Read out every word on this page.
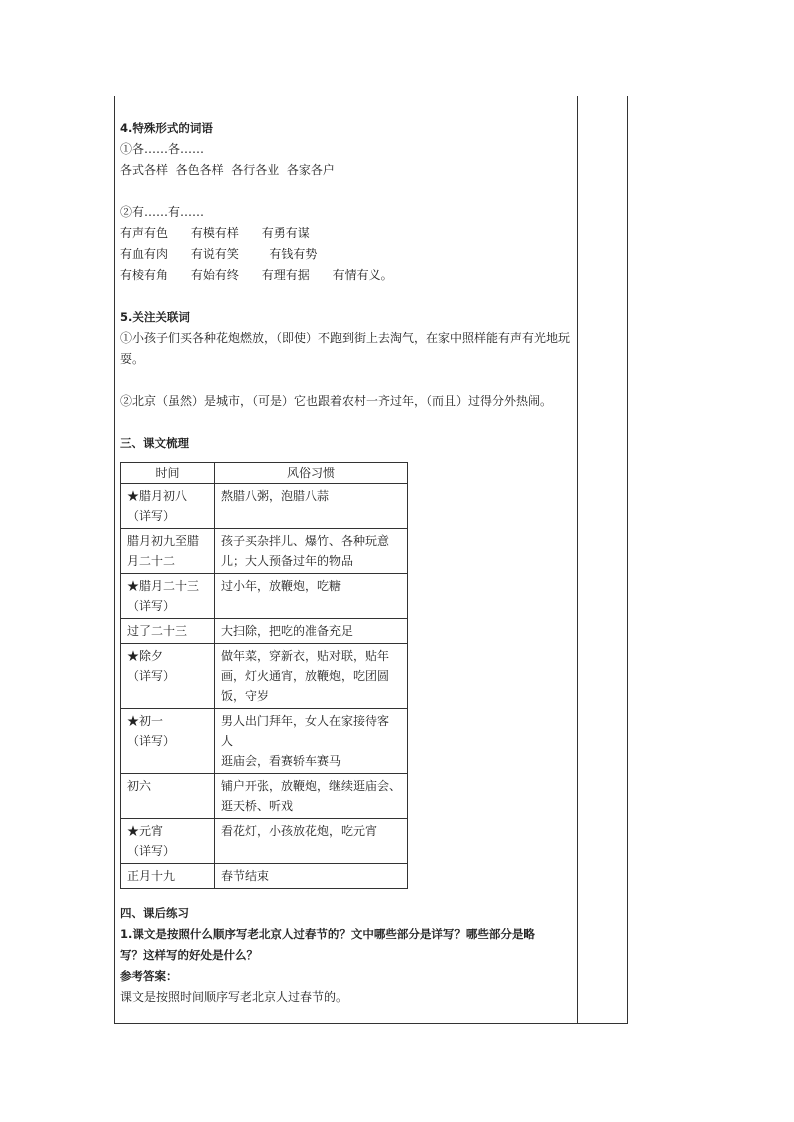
4.特殊形式的词语

①各……各……

各式各样  各色各样  各行各业  各家各户

②有……有……

有声有色      有模有样      有勇有谋

有血有肉      有说有笑        有钱有势

有棱有角      有始有终      有理有据      有情有义。

5.关注关联词

①小孩子们买各种花炮燃放，（即使）不跑到街上去淘气，在家中照样能有声有光地玩

耍。

②北京（虽然）是城市，（可是）它也跟着农村一齐过年，（而且）过得分外热闹。

三、课文梳理

时间	风俗习惯

★腊月初八
（详写）	熬腊八粥，泡腊八蒜

腊月初九至腊
月二十二	孩子买杂拌儿、爆竹、各种玩意
儿；大人预备过年的物品

★腊月二十三
（详写）	过小年，放鞭炮，吃糖

过了二十三	大扫除，把吃的准备充足

★除夕
（详写）	做年菜，穿新衣，贴对联，贴年
画，灯火通宵，放鞭炮，吃团圆
饭，守岁

★初一
（详写）	男人出门拜年，女人在家接待客
人
逛庙会，看赛轿车赛马

初六	铺户开张，放鞭炮，继续逛庙会、
逛天桥、听戏

★元宵
（详写）	看花灯，小孩放花炮，吃元宵

正月十九	春节结束

四、课后练习

1.课文是按照什么顺序写老北京人过春节的？文中哪些部分是详写？哪些部分是略

写？这样写的好处是什么？

参考答案：

课文是按照时间顺序写老北京人过春节的。
